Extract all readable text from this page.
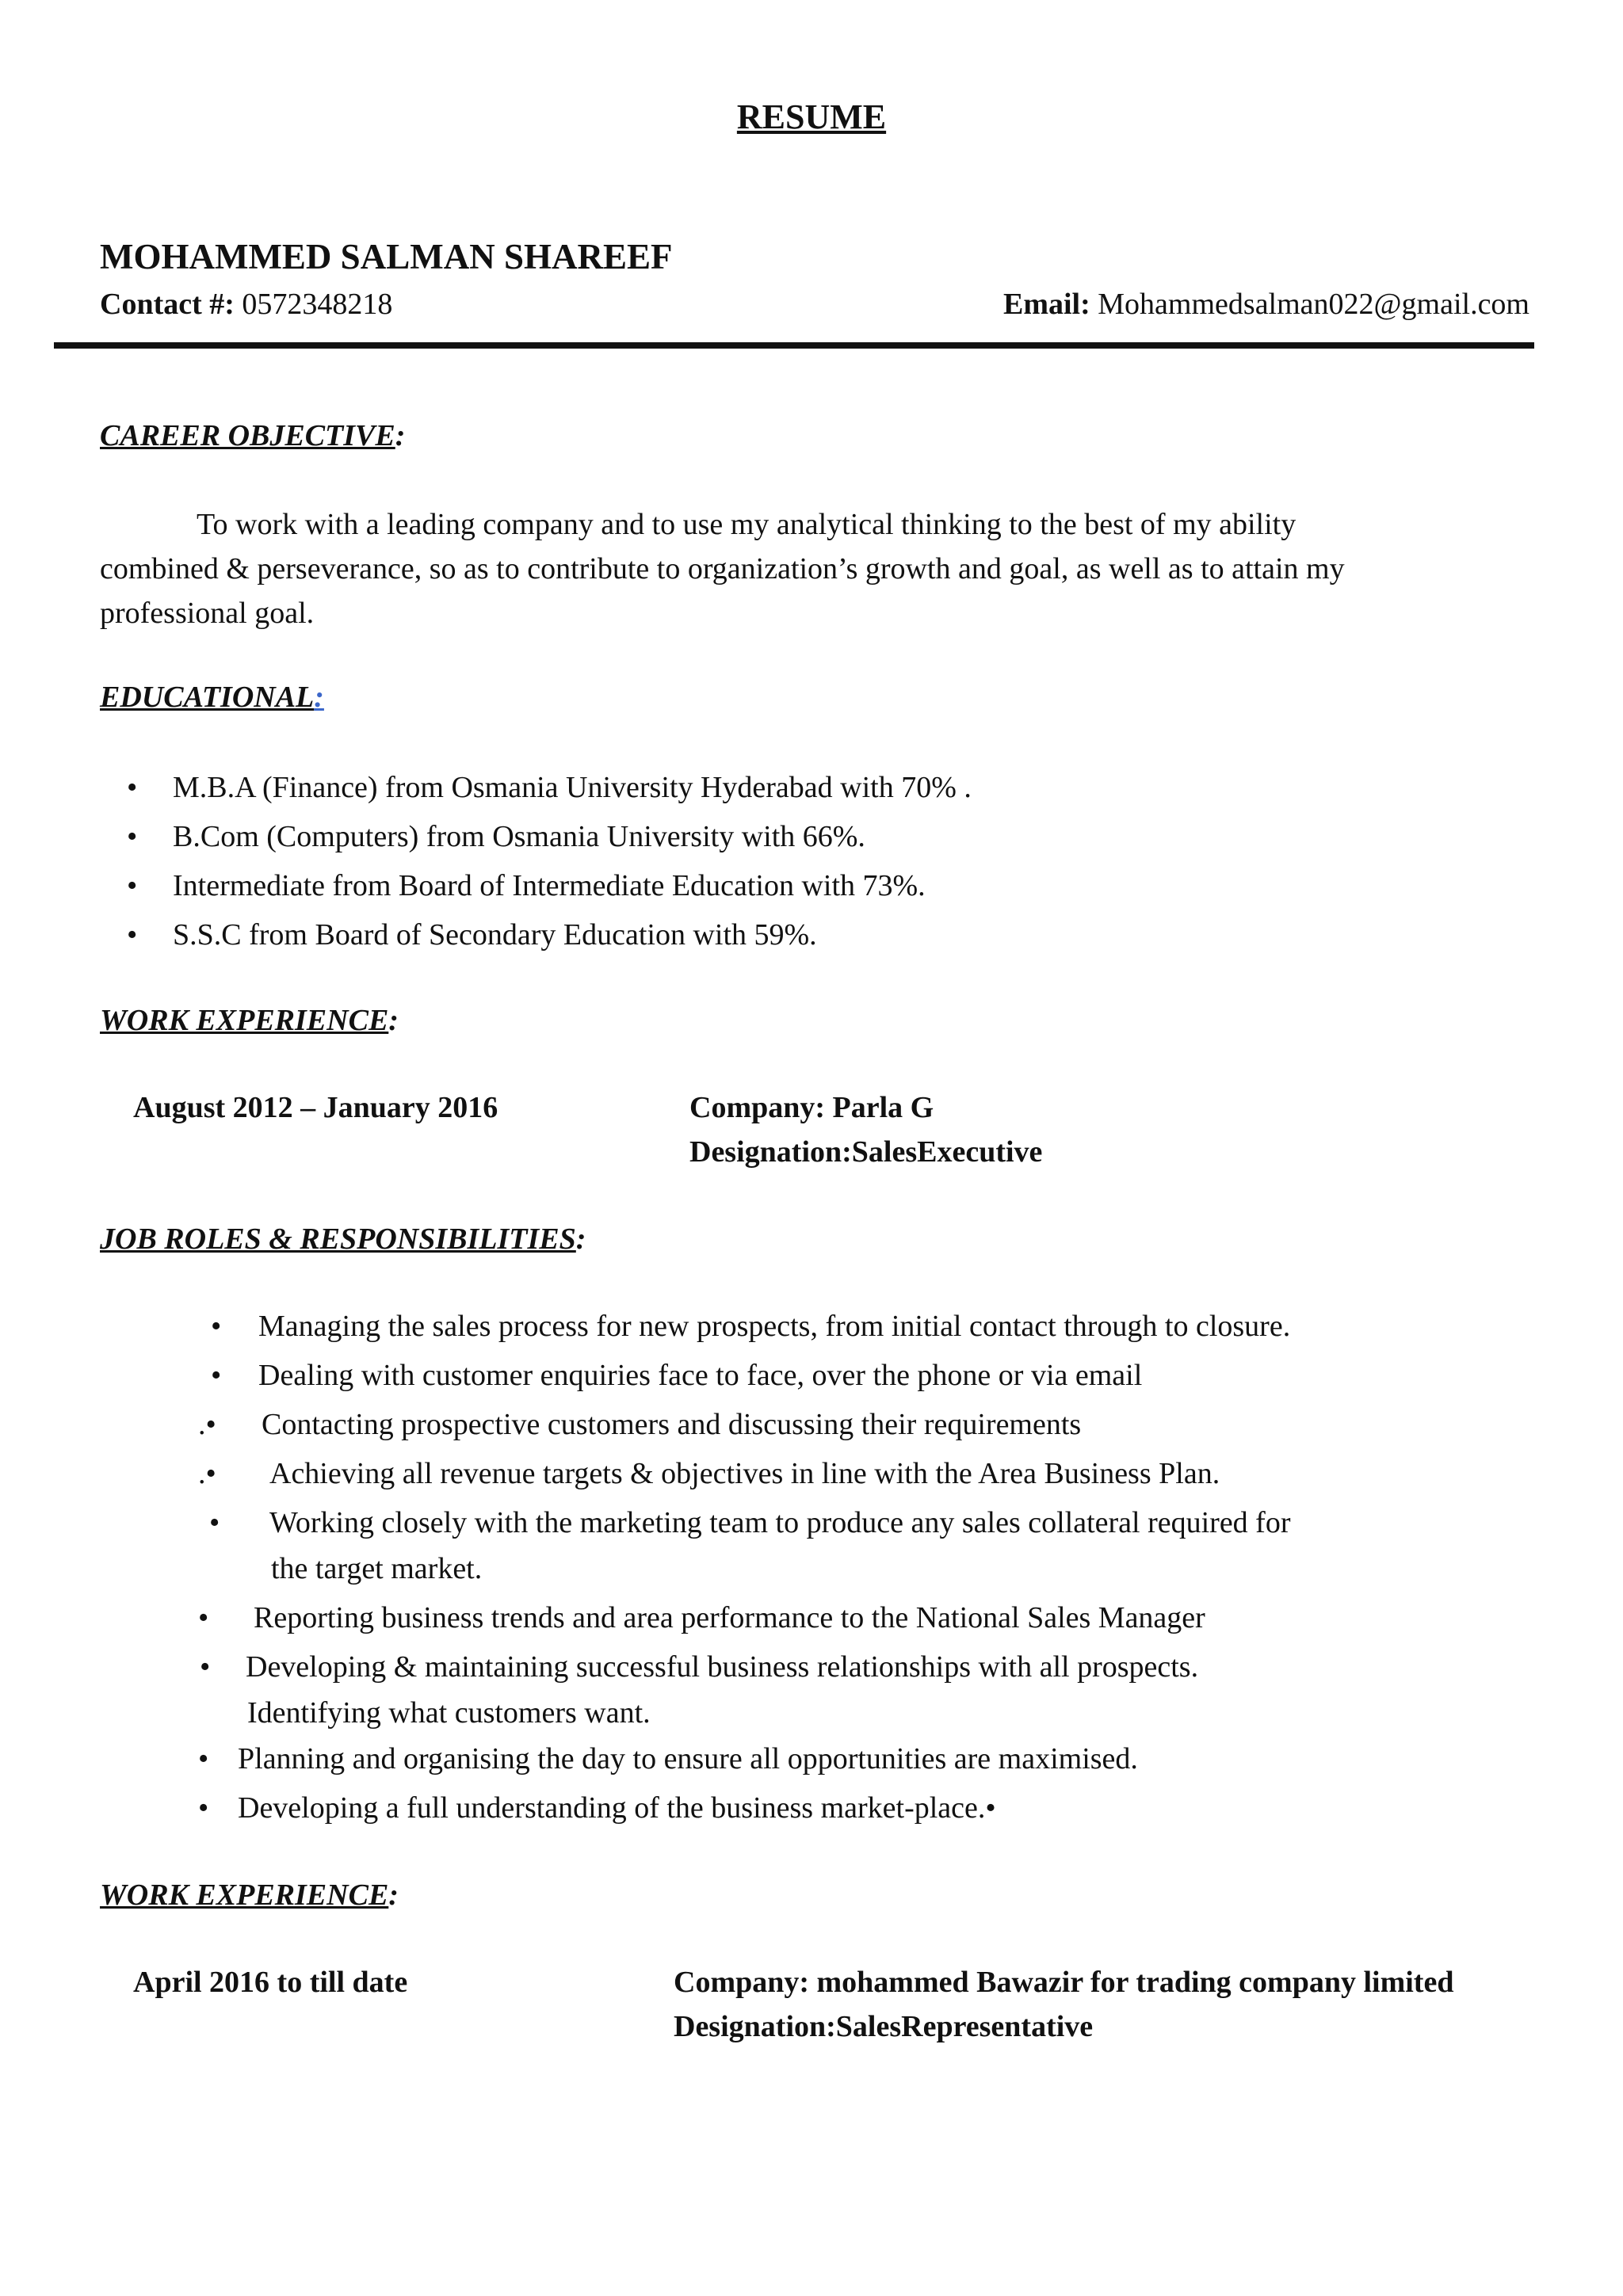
RESUME
MOHAMMED SALMAN SHAREEF
Contact #: 0572348218	Email: Mohammedsalman022@gmail.com
CAREER OBJECTIVE:
To work with a leading company and to use my analytical thinking to the best of my ability
combined & perseverance, so as to contribute to organization’s growth and goal, as well as to attain my
professional goal.
EDUCATIONAL:
• M.B.A (Finance) from Osmania University Hyderabad with 70% .
• B.Com (Computers) from Osmania University with 66%.
• Intermediate from Board of Intermediate Education with 73%.
• S.S.C from Board of Secondary Education with 59%.
WORK EXPERIENCE:
August 2012 – January 2016	Company: Parla G
Designation:SalesExecutive
JOB ROLES & RESPONSIBILITIES:
• Managing the sales process for new prospects, from initial contact through to closure.
• Dealing with customer enquiries face to face, over the phone or via email
.• Contacting prospective customers and discussing their requirements
.• Achieving all revenue targets & objectives in line with the Area Business Plan.
• Working closely with the marketing team to produce any sales collateral required for
the target market.
• Reporting business trends and area performance to the National Sales Manager
• Developing & maintaining successful business relationships with all prospects.
Identifying what customers want.
• Planning and organising the day to ensure all opportunities are maximised.
• Developing a full understanding of the business market-place.•
WORK EXPERIENCE:
April 2016 to till date	Company: mohammed Bawazir for trading company limited
Designation:SalesRepresentative
